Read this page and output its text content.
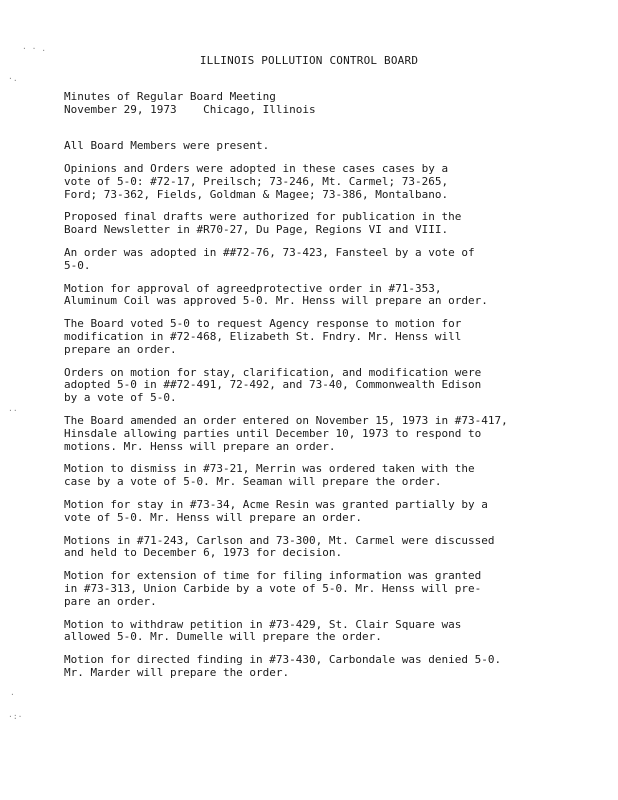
· · .
·.
··
·
·:·
ILLINOIS POLLUTION CONTROL BOARD
Minutes of Regular Board Meeting
November 29, 1973    Chicago, Illinois
All Board Members were present.
Opinions and Orders were adopted in these cases cases by a
vote of 5-0: #72-17, Preilsch; 73-246, Mt. Carmel; 73-265,
Ford; 73-362, Fields, Goldman & Magee; 73-386, Montalbano.
Proposed final drafts were authorized for publication in the
Board Newsletter in #R70-27, Du Page, Regions VI and VIII.
An order was adopted in ##72-76, 73-423, Fansteel by a vote of
5-0.
Motion for approval of agreedprotective order in #71-353,
Aluminum Coil was approved 5-0. Mr. Henss will prepare an order.
The Board voted 5-0 to request Agency response to motion for
modification in #72-468, Elizabeth St. Fndry. Mr. Henss will
prepare an order.
Orders on motion for stay, clarification, and modification were
adopted 5-0 in ##72-491, 72-492, and 73-40, Commonwealth Edison
by a vote of 5-0.
The Board amended an order entered on November 15, 1973 in #73-417,
Hinsdale allowing parties until December 10, 1973 to respond to
motions. Mr. Henss will prepare an order.
Motion to dismiss in #73-21, Merrin was ordered taken with the
case by a vote of 5-0. Mr. Seaman will prepare the order.
Motion for stay in #73-34, Acme Resin was granted partially by a
vote of 5-0. Mr. Henss will prepare an order.
Motions in #71-243, Carlson and 73-300, Mt. Carmel were discussed
and held to December 6, 1973 for decision.
Motion for extension of time for filing information was granted
in #73-313, Union Carbide by a vote of 5-0. Mr. Henss will pre-
pare an order.
Motion to withdraw petition in #73-429, St. Clair Square was
allowed 5-0. Mr. Dumelle will prepare the order.
Motion for directed finding in #73-430, Carbondale was denied 5-0.
Mr. Marder will prepare the order.
